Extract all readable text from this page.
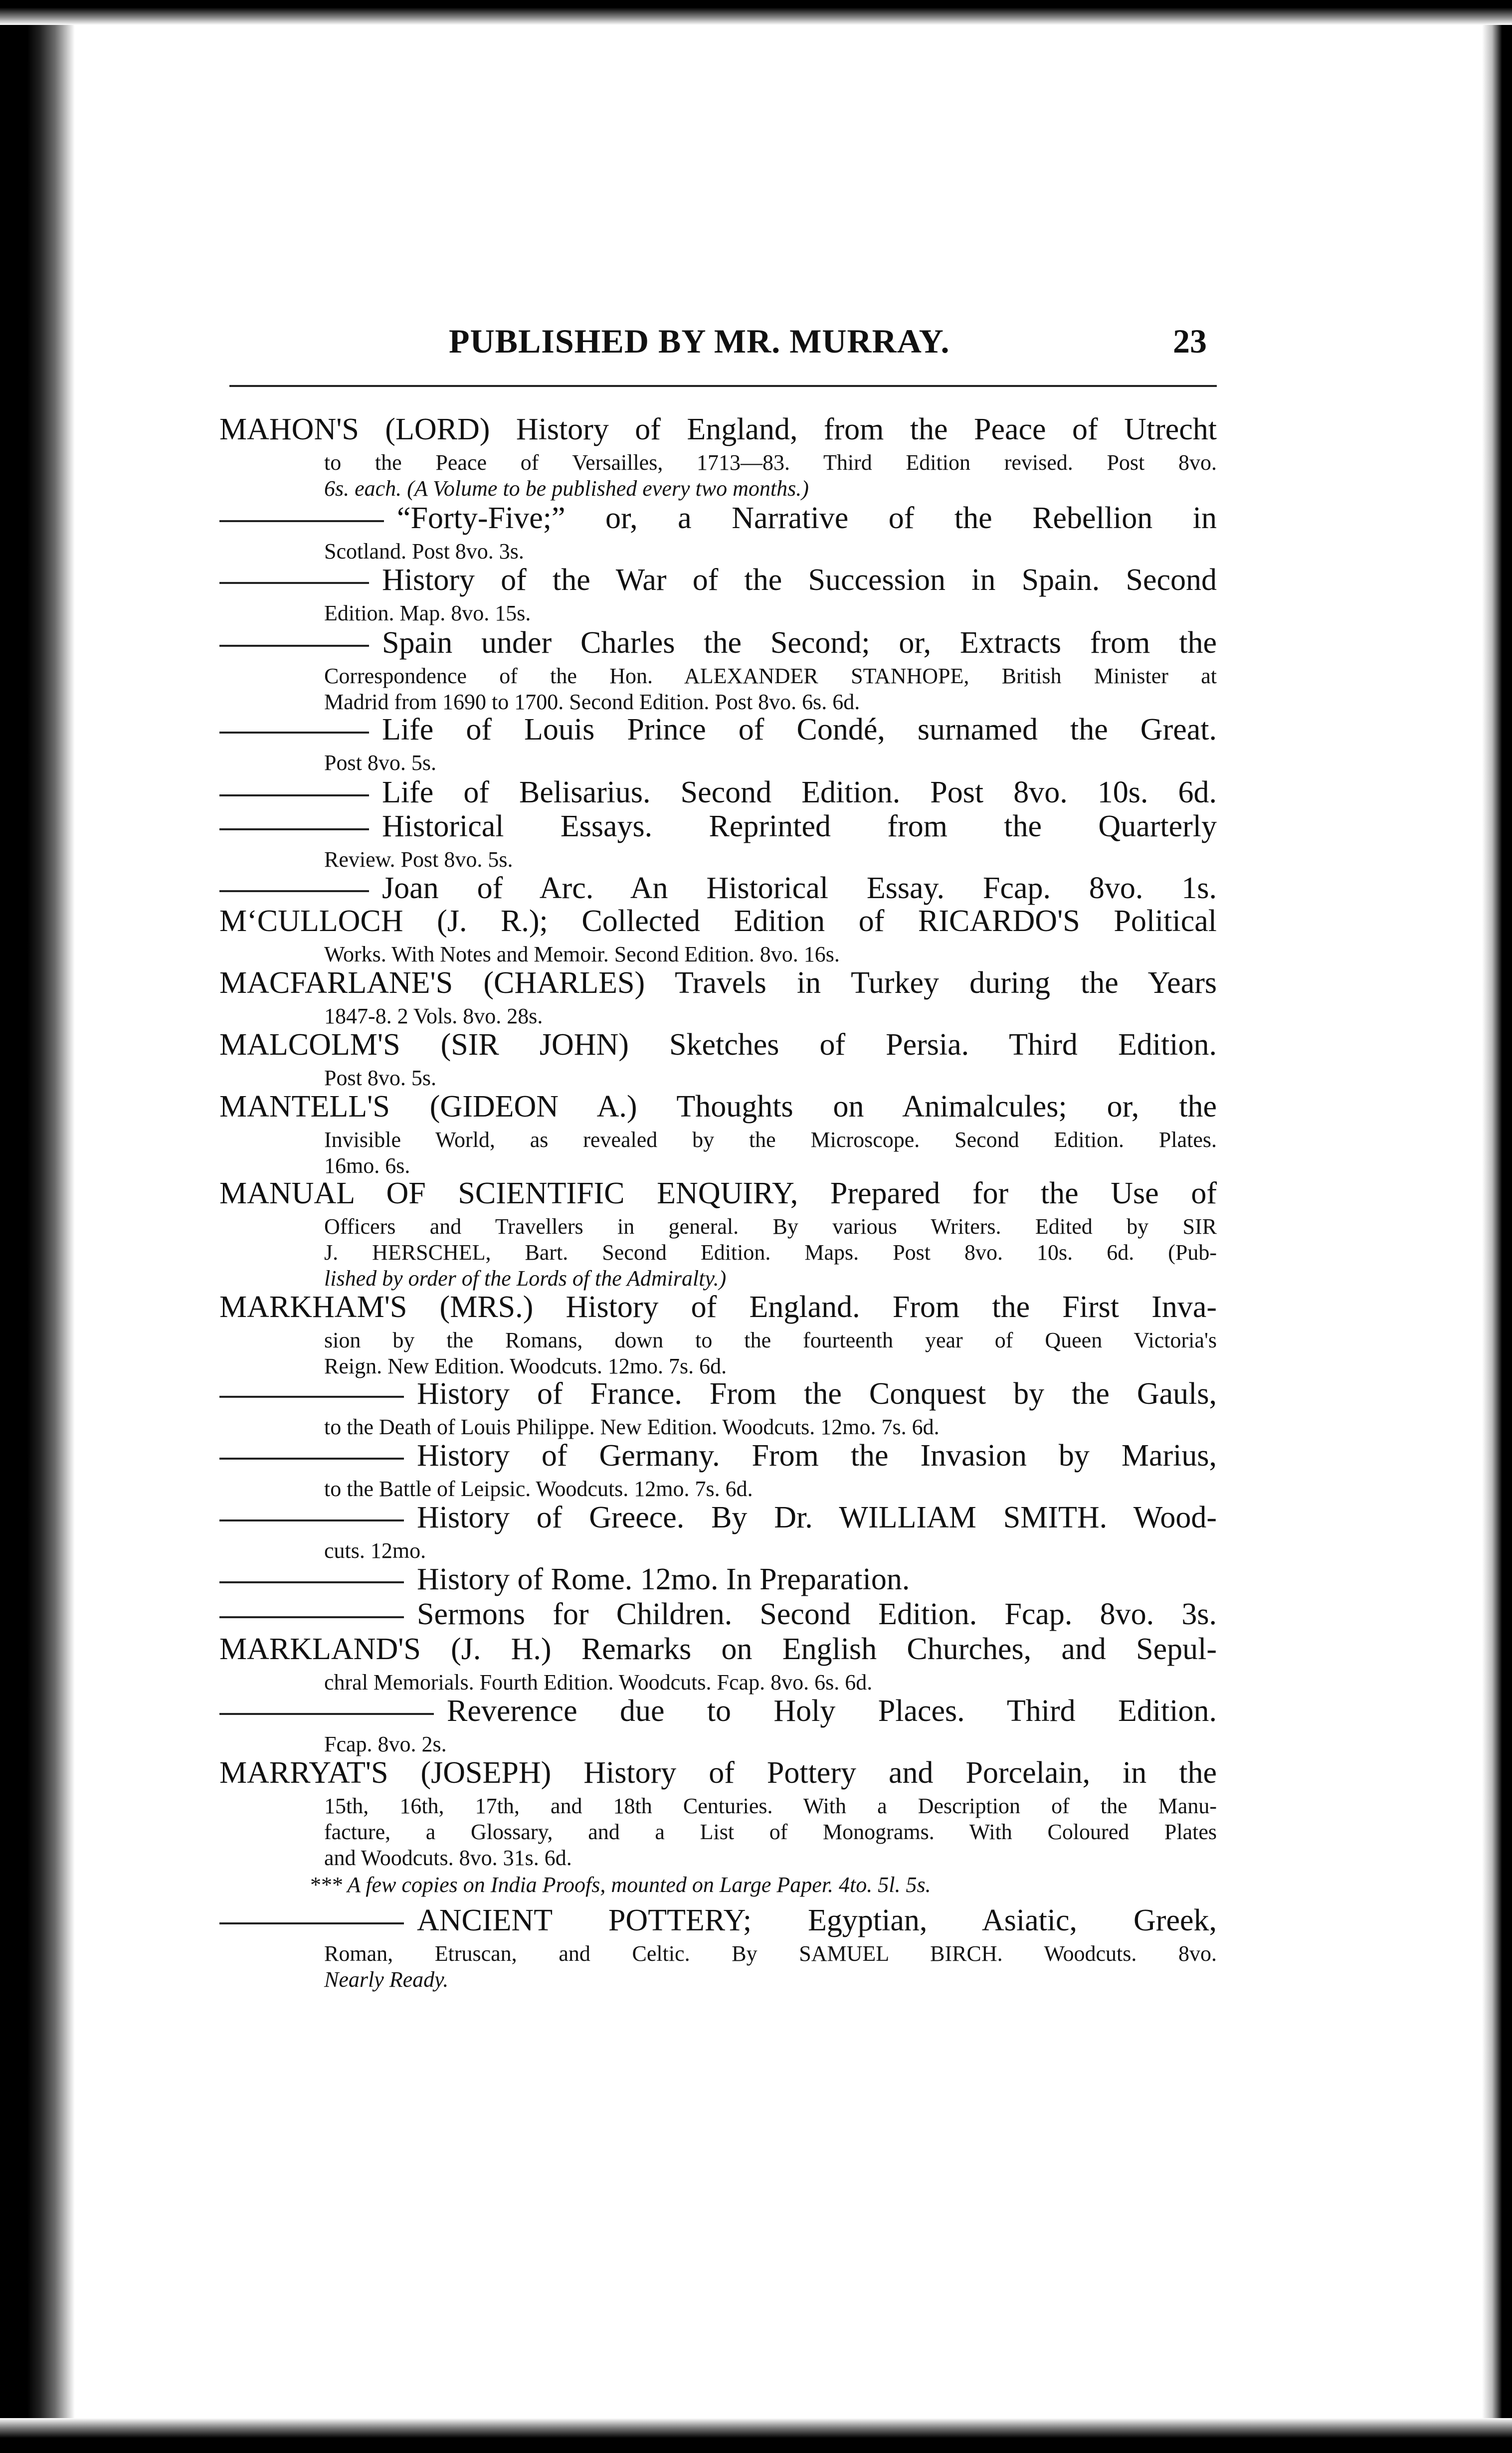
PUBLISHED BY MR. MURRAY.	23
MAHON'S (LORD) History of England, from the Peace of Utrecht
to the Peace of Versailles, 1713—83. Third Edition revised. Post 8vo.
6s. each. (A Volume to be published every two months.)
“Forty-Five;” or, a Narrative of the Rebellion in
Scotland. Post 8vo. 3s.
History of the War of the Succession in Spain. Second
Edition. Map. 8vo. 15s.
Spain under Charles the Second; or, Extracts from the
Correspondence of the Hon. ALEXANDER STANHOPE, British Minister at
Madrid from 1690 to 1700. Second Edition. Post 8vo. 6s. 6d.
Life of Louis Prince of Condé, surnamed the Great.
Post 8vo. 5s.
Life of Belisarius. Second Edition. Post 8vo. 10s. 6d.
Historical Essays. Reprinted from the Quarterly
Review. Post 8vo. 5s.
Joan of Arc. An Historical Essay. Fcap. 8vo. 1s.
M‘CULLOCH (J. R.); Collected Edition of RICARDO'S Political
Works. With Notes and Memoir. Second Edition. 8vo. 16s.
MACFARLANE'S (CHARLES) Travels in Turkey during the Years
1847-8. 2 Vols. 8vo. 28s.
MALCOLM'S (SIR JOHN) Sketches of Persia. Third Edition.
Post 8vo. 5s.
MANTELL'S (GIDEON A.) Thoughts on Animalcules; or, the
Invisible World, as revealed by the Microscope. Second Edition. Plates.
16mo. 6s.
MANUAL OF SCIENTIFIC ENQUIRY, Prepared for the Use of
Officers and Travellers in general. By various Writers. Edited by SIR
J. HERSCHEL, Bart. Second Edition. Maps. Post 8vo. 10s. 6d. (Pub-
lished by order of the Lords of the Admiralty.)
MARKHAM'S (MRS.) History of England. From the First Inva-
sion by the Romans, down to the fourteenth year of Queen Victoria's
Reign. New Edition. Woodcuts. 12mo. 7s. 6d.
History of France. From the Conquest by the Gauls,
to the Death of Louis Philippe. New Edition. Woodcuts. 12mo. 7s. 6d.
History of Germany. From the Invasion by Marius,
to the Battle of Leipsic. Woodcuts. 12mo. 7s. 6d.
History of Greece. By Dr. WILLIAM SMITH. Wood-
cuts. 12mo.
History of Rome. 12mo. In Preparation.
Sermons for Children. Second Edition. Fcap. 8vo. 3s.
MARKLAND'S (J. H.) Remarks on English Churches, and Sepul-
chral Memorials. Fourth Edition. Woodcuts. Fcap. 8vo. 6s. 6d.
Reverence due to Holy Places. Third Edition.
Fcap. 8vo. 2s.
MARRYAT'S (JOSEPH) History of Pottery and Porcelain, in the
15th, 16th, 17th, and 18th Centuries. With a Description of the Manu-
facture, a Glossary, and a List of Monograms. With Coloured Plates
and Woodcuts. 8vo. 31s. 6d.
*** A few copies on India Proofs, mounted on Large Paper. 4to. 5l. 5s.
ANCIENT POTTERY; Egyptian, Asiatic, Greek,
Roman, Etruscan, and Celtic. By SAMUEL BIRCH. Woodcuts. 8vo.
Nearly Ready.
